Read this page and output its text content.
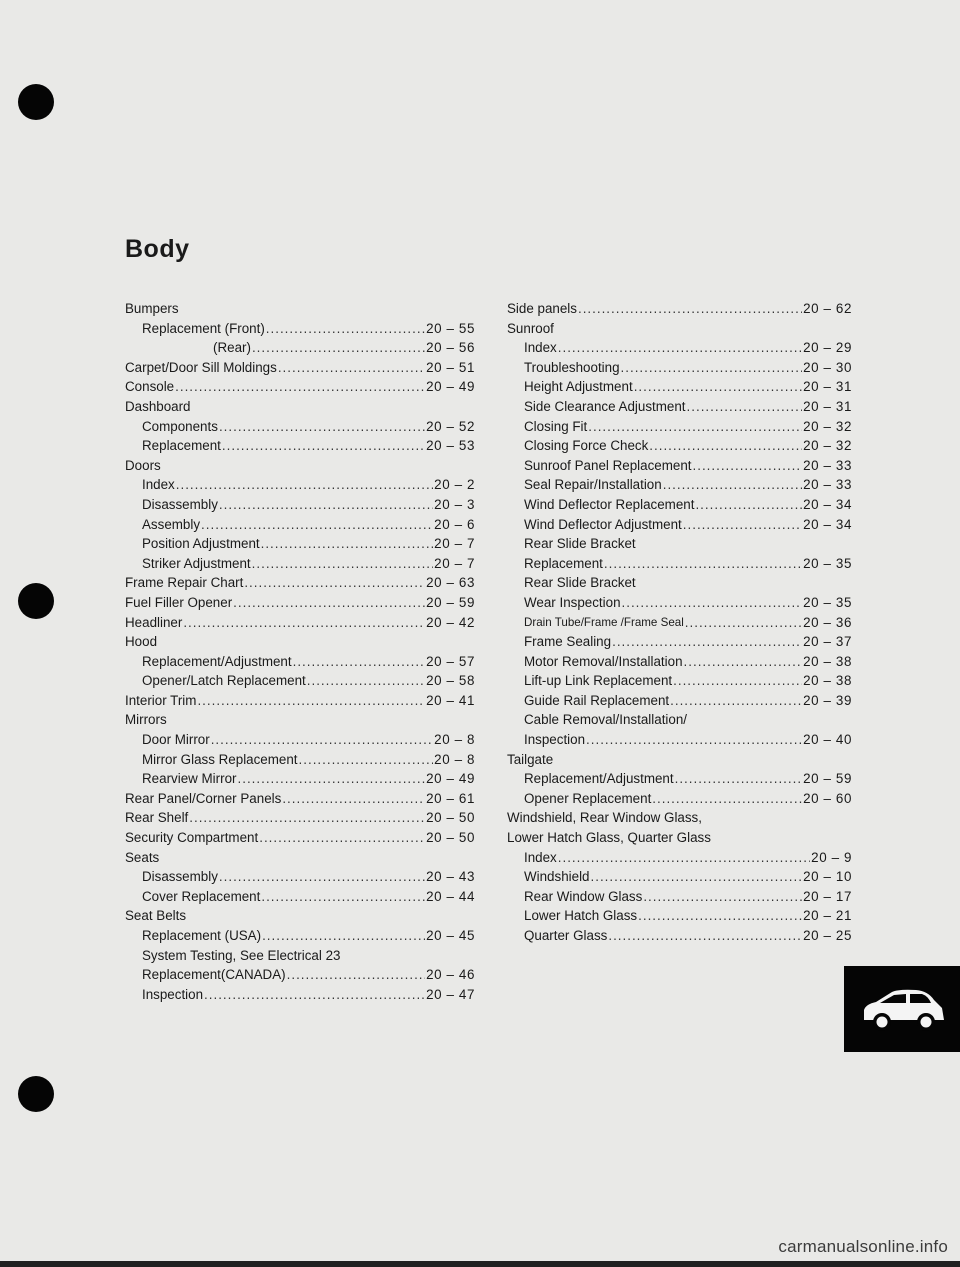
Body
Bumpers
Replacement (Front) .....	20 – 55
(Rear) .....	20 – 56
Carpet/Door Sill Moldings .....	20 – 51
Console .....	20 – 49
Dashboard
Components .....	20 – 52
Replacement .....	20 – 53
Doors
Index .....	20 – 2
Disassembly .....	20 – 3
Assembly .....	20 – 6
Position Adjustment .....	20 – 7
Striker Adjustment .....	20 – 7
Frame Repair Chart .....	20 – 63
Fuel Filler Opener .....	20 – 59
Headliner .....	20 – 42
Hood
Replacement/Adjustment .....	20 – 57
Opener/Latch Replacement .....	20 – 58
Interior Trim .....	20 – 41
Mirrors
Door Mirror .....	20 – 8
Mirror Glass Replacement .....	20 – 8
Rearview Mirror .....	20 – 49
Rear Panel/Corner Panels .....	20 – 61
Rear Shelf .....	20 – 50
Security Compartment .....	20 – 50
Seats
Disassembly .....	20 – 43
Cover Replacement .....	20 – 44
Seat Belts
Replacement (USA) .....	20 – 45
System Testing, See Electrical 23
Replacement(CANADA) .....	20 – 46
Inspection .....	20 – 47
Side panels .....	20 – 62
Sunroof
Index .....	20 – 29
Troubleshooting .....	20 – 30
Height Adjustment .....	20 – 31
Side Clearance Adjustment .....	20 – 31
Closing Fit .....	20 – 32
Closing Force Check .....	20 – 32
Sunroof Panel Replacement .....	20 – 33
Seal Repair/Installation .....	20 – 33
Wind Deflector Replacement .....	20 – 34
Wind Deflector Adjustment .....	20 – 34
Rear Slide Bracket
Replacement .....	20 – 35
Rear Slide Bracket
Wear Inspection .....	20 – 35
Drain Tube/Frame /Frame Seal .....	20 – 36
Frame Sealing .....	20 – 37
Motor Removal/Installation .....	20 – 38
Lift-up Link Replacement .....	20 – 38
Guide Rail Replacement .....	20 – 39
Cable Removal/Installation/
Inspection .....	20 – 40
Tailgate
Replacement/Adjustment .....	20 – 59
Opener Replacement .....	20 – 60
Windshield, Rear Window Glass,
Lower Hatch Glass, Quarter Glass
Index .....	20 – 9
Windshield .....	20 – 10
Rear Window Glass .....	20 – 17
Lower Hatch Glass .....	20 – 21
Quarter Glass .....	20 – 25
carmanualsonline.info
